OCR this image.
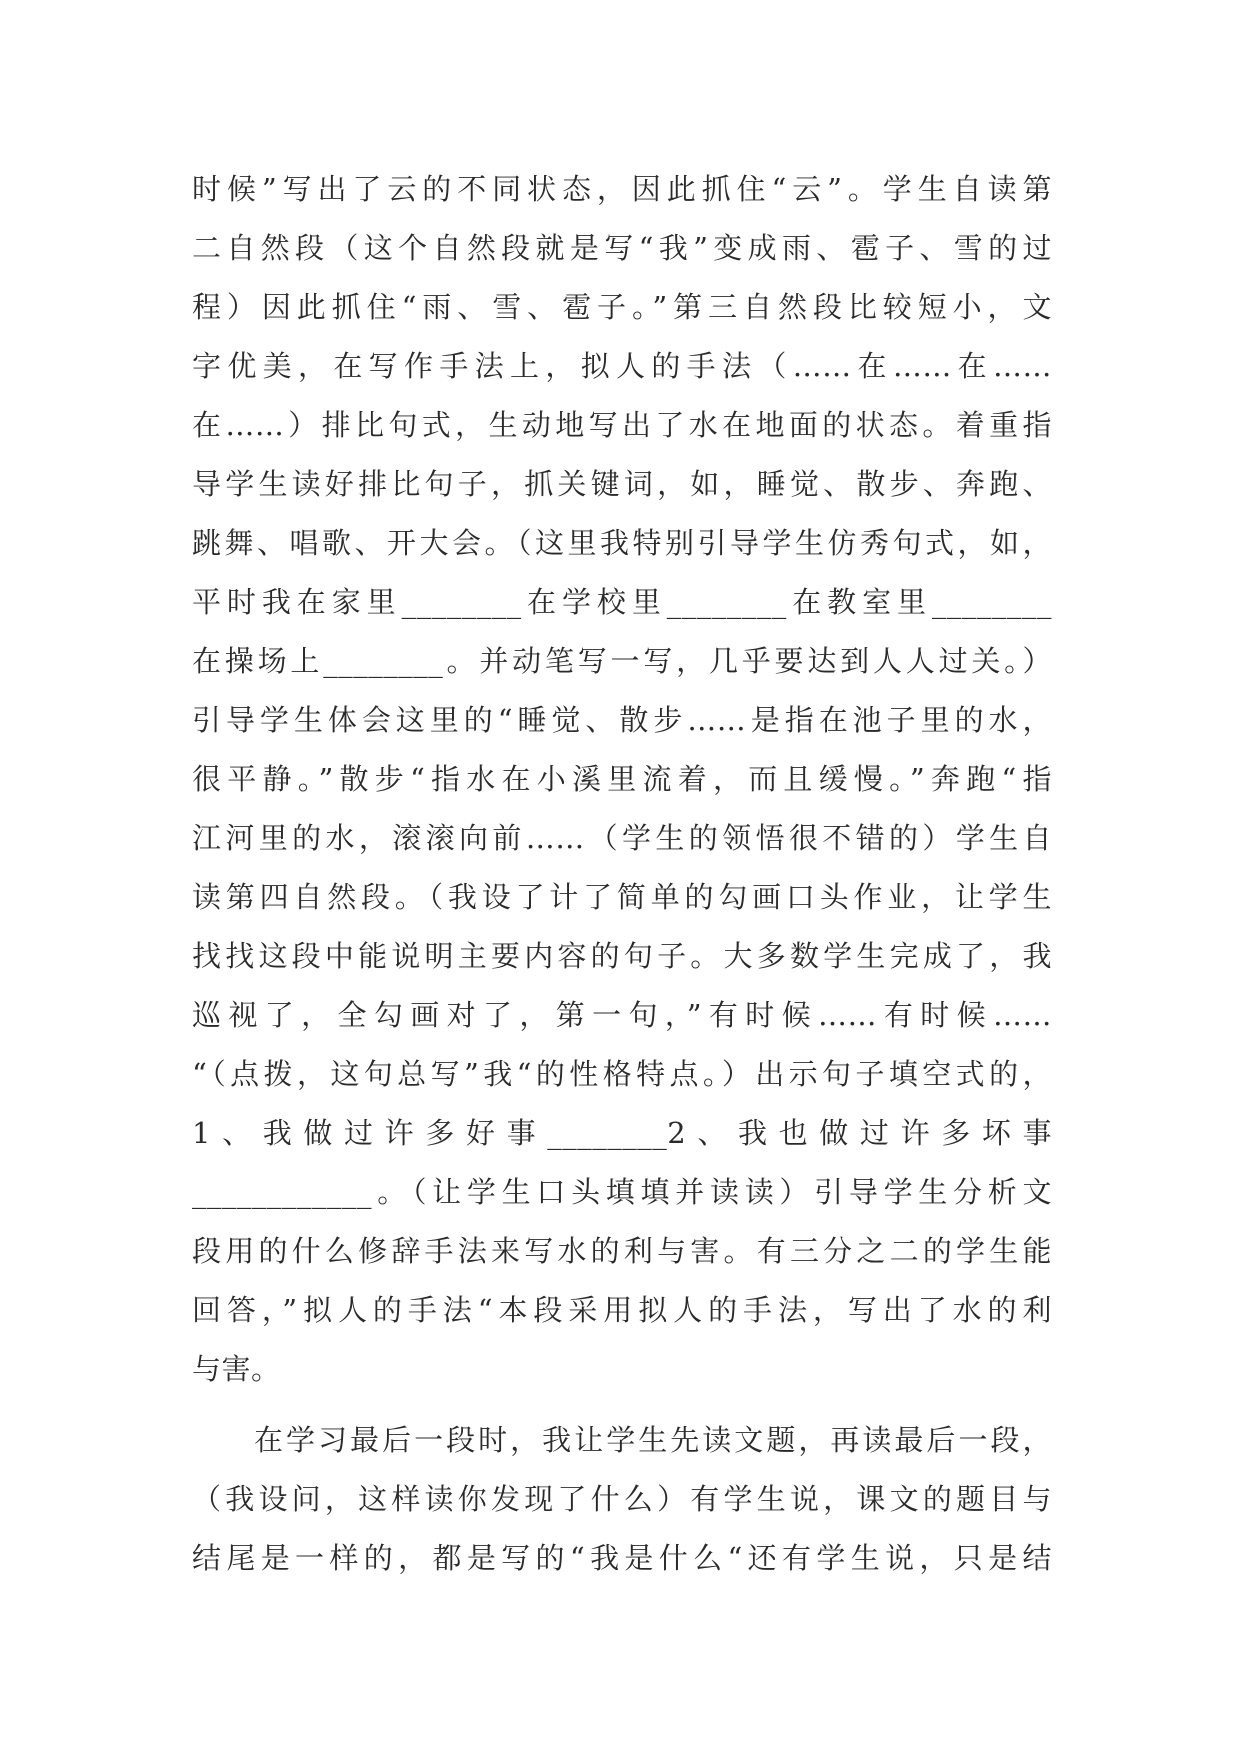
时候”写出了云的不同状态，因此抓住“云”。学生自读第
二自然段（这个自然段就是写“我”变成雨、雹子、雪的过
程）因此抓住“雨、雪、雹子。”第三自然段比较短小，文
字优美，在写作手法上，拟人的手法（……在……在……
在……）排比句式，生动地写出了水在地面的状态。着重指
导学生读好排比句子，抓关键词，如，睡觉、散步、奔跑、
跳舞、唱歌、开大会。（这里我特别引导学生仿秀句式，如，
平时我在家里________在学校里________在教室里________
在操场上________。并动笔写一写，几乎要达到人人过关。）
引导学生体会这里的“睡觉、散步……是指在池子里的水，
很平静。”散步“指水在小溪里流着，而且缓慢。”奔跑“指
江河里的水，滚滚向前……（学生的领悟很不错的）学生自
读第四自然段。（我设了计了简单的勾画口头作业，让学生
找找这段中能说明主要内容的句子。大多数学生完成了，我
巡视了，全勾画对了，第一句，”有时候……有时候……
“（点拨，这句总写”我“的性格特点。）出示句子填空式的，
1、我做过许多好事________2、我也做过许多坏事
____________。（让学生口头填填并读读）引导学生分析文
段用的什么修辞手法来写水的利与害。有三分之二的学生能
回答，”拟人的手法“本段采用拟人的手法，写出了水的利
与害。
在学习最后一段时，我让学生先读文题，再读最后一段，
（我设问，这样读你发现了什么）有学生说，课文的题目与
结尾是一样的，都是写的“我是什么“还有学生说，只是结
